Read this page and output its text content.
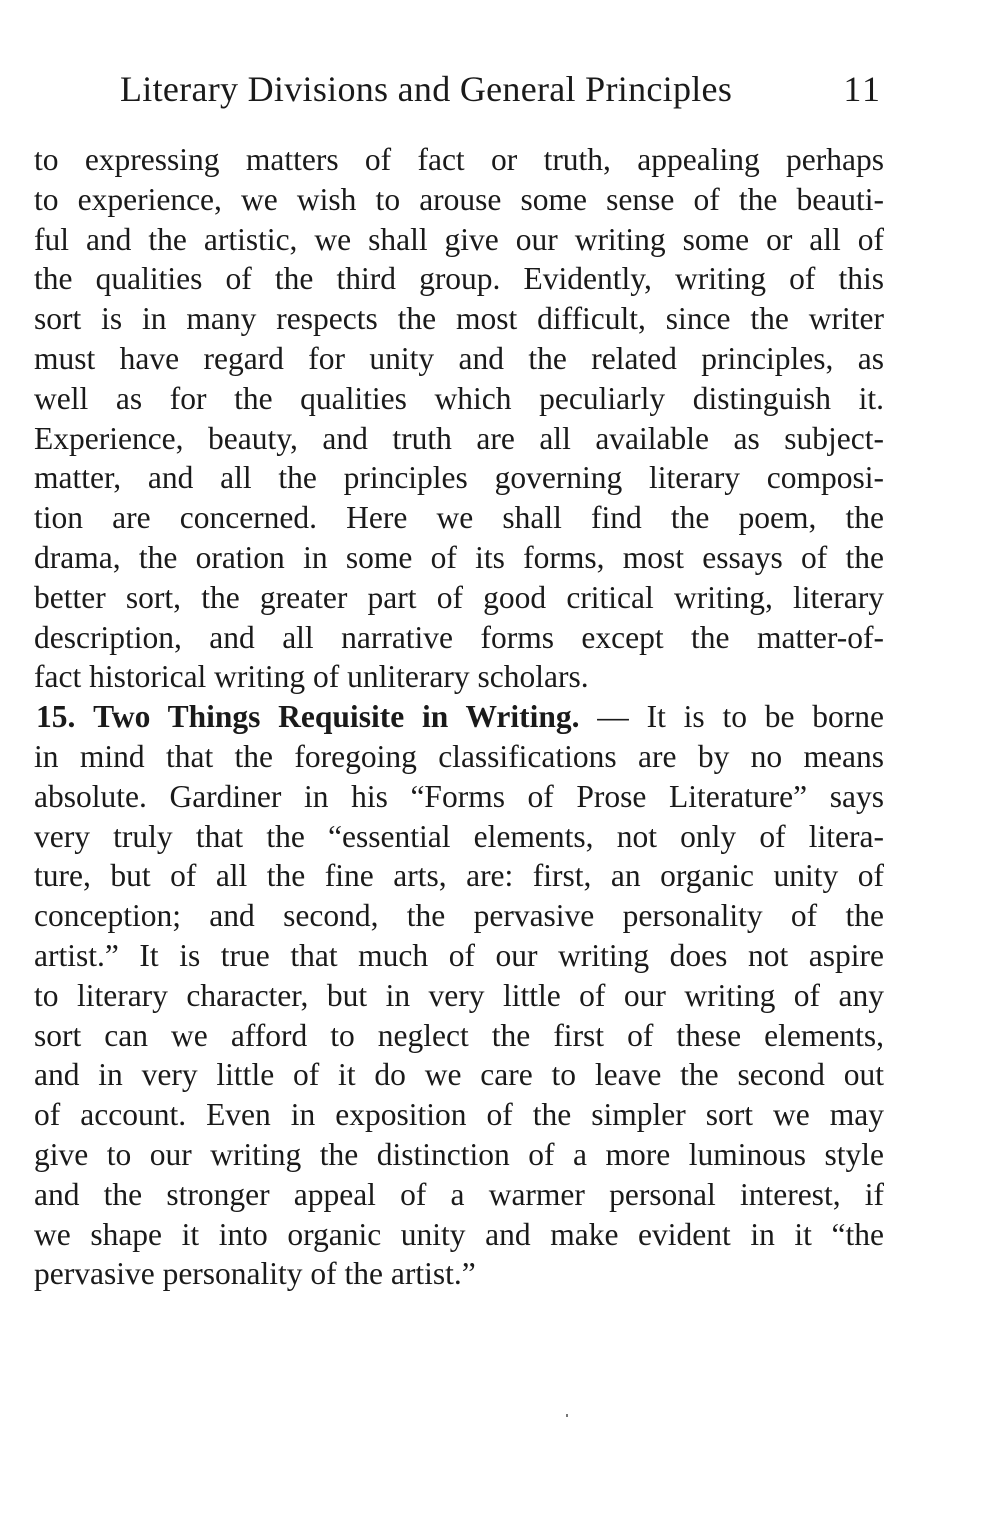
Literary Divisions and General Principles	11
to expressing matters of fact or truth, appealing perhaps
to experience, we wish to arouse some sense of the beauti-
ful and the artistic, we shall give our writing some or all of
the qualities of the third group. Evidently, writing of this
sort is in many respects the most difficult, since the writer
must have regard for unity and the related principles, as
well as for the qualities which peculiarly distinguish it.
Experience, beauty, and truth are all available as subject-
matter, and all the principles governing literary composi-
tion are concerned. Here we shall find the poem, the
drama, the oration in some of its forms, most essays of the
better sort, the greater part of good critical writing, literary
description, and all narrative forms except the matter-of-
fact historical writing of unliterary scholars.
15. Two Things Requisite in Writing. — It is to be borne
in mind that the foregoing classifications are by no means
absolute. Gardiner in his “Forms of Prose Literature” says
very truly that the “essential elements, not only of litera-
ture, but of all the fine arts, are: first, an organic unity of
conception; and second, the pervasive personality of the
artist.” It is true that much of our writing does not aspire
to literary character, but in very little of our writing of any
sort can we afford to neglect the first of these elements,
and in very little of it do we care to leave the second out
of account. Even in exposition of the simpler sort we may
give to our writing the distinction of a more luminous style
and the stronger appeal of a warmer personal interest, if
we shape it into organic unity and make evident in it “the
pervasive personality of the artist.”
